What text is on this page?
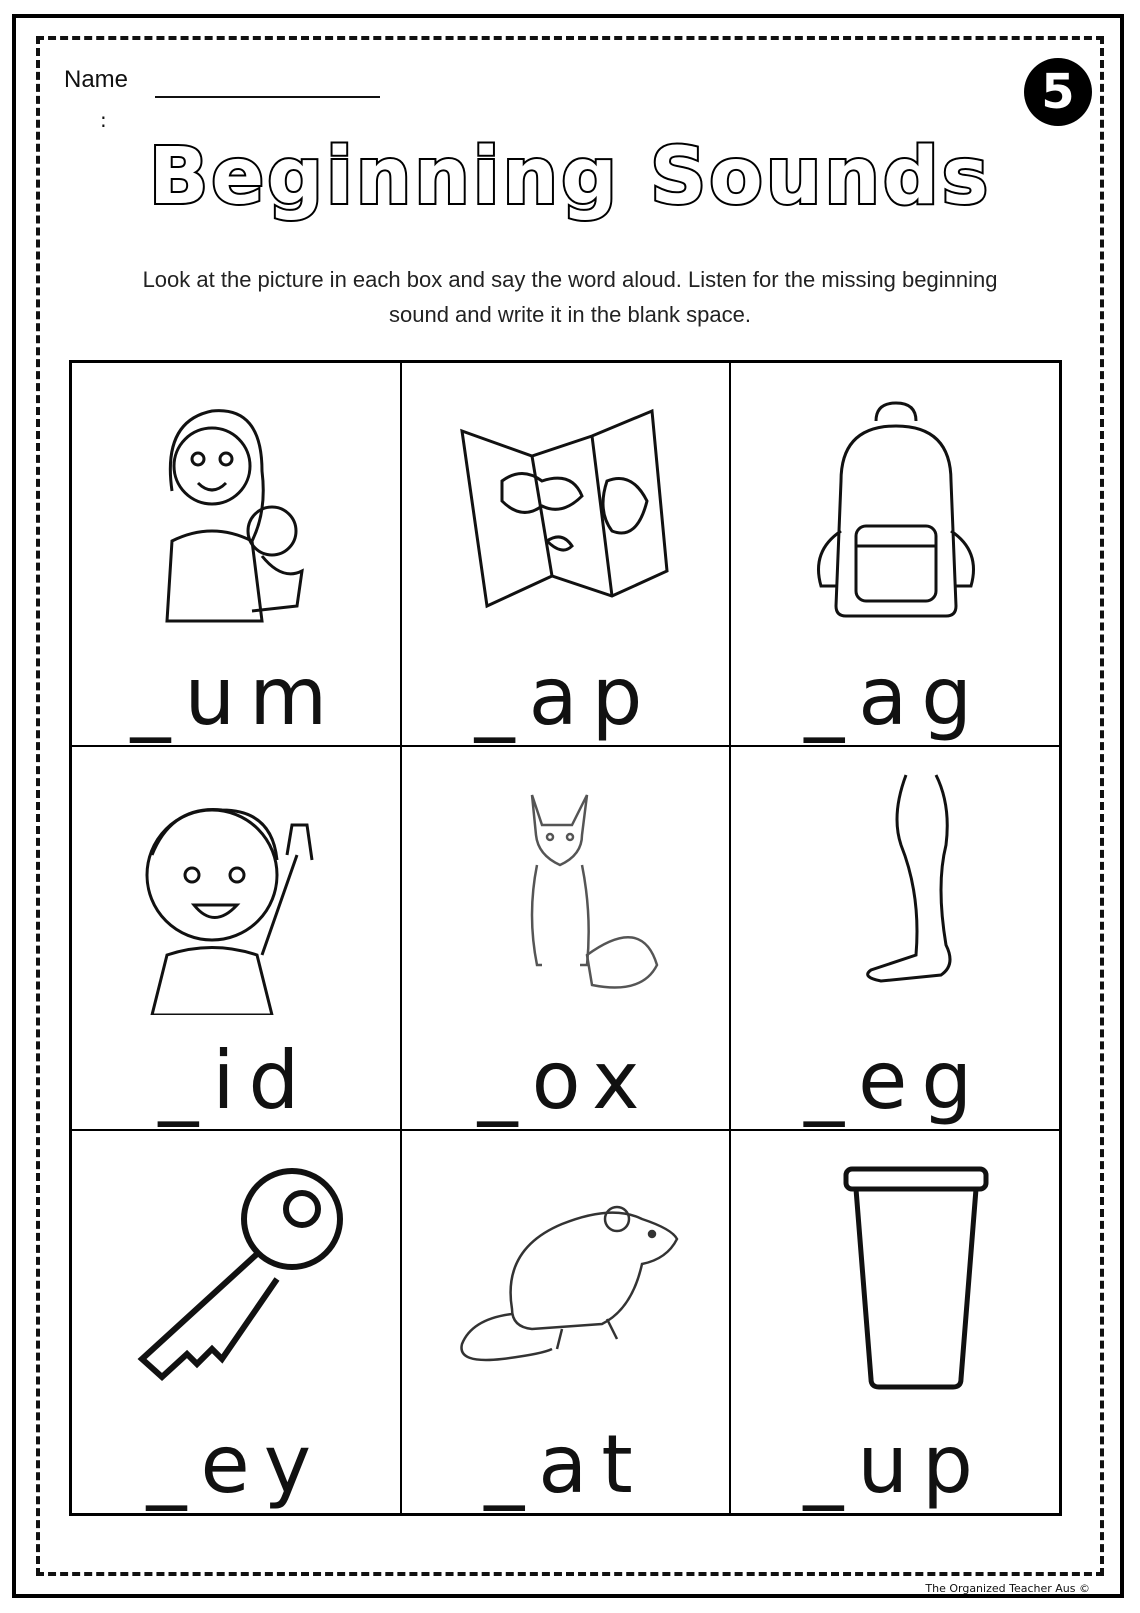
Name
:	5
Beginning Sounds
Look at the picture in each box and say the word aloud. Listen for the missing beginning sound and write it in the blank space.
_um	_ap	_ag
_id	_ox	_eg
_ey	_at	_up
The Organized Teacher Aus ©
